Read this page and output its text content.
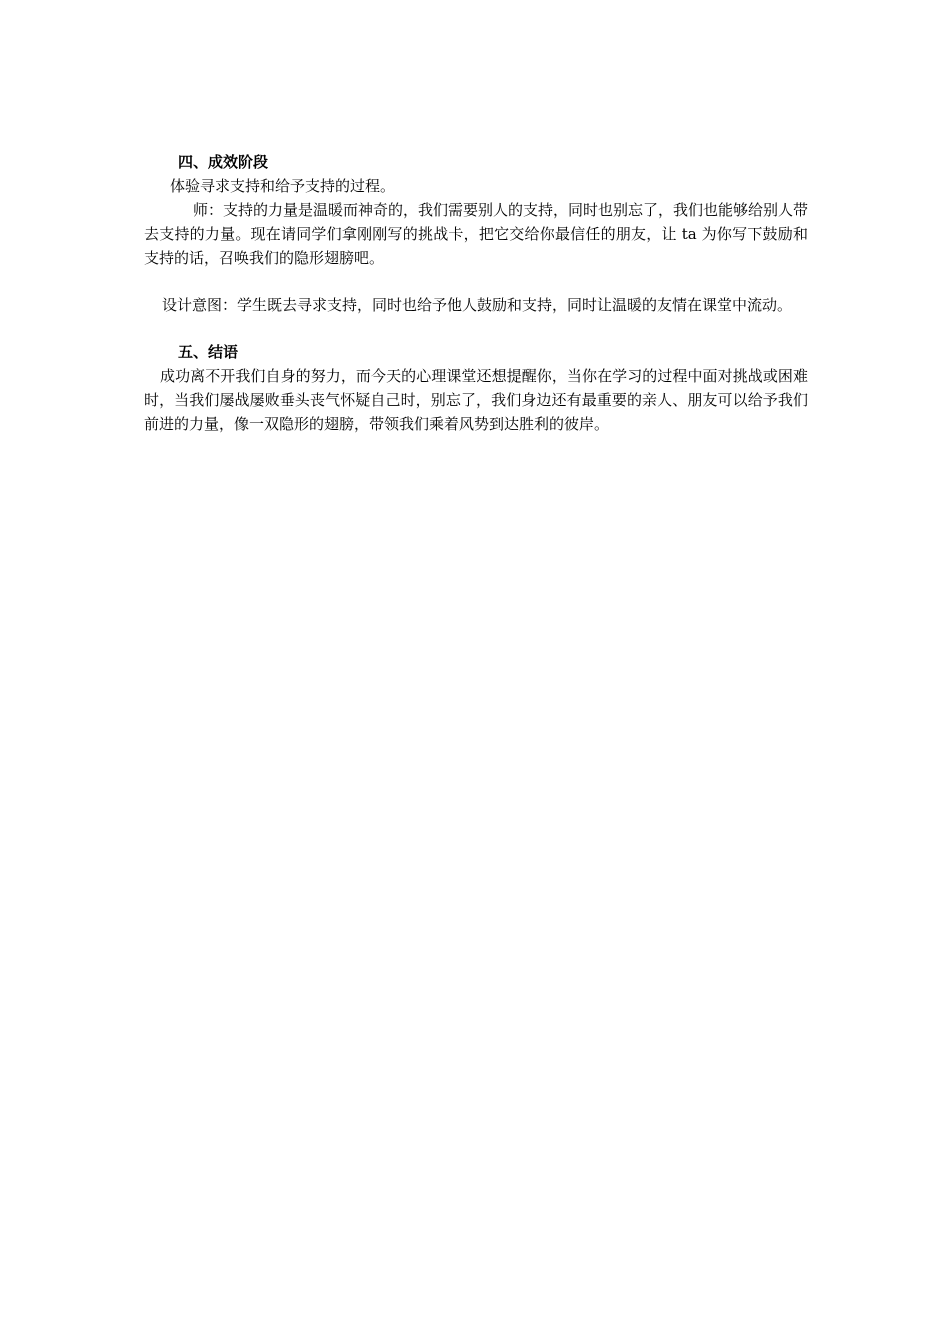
四、成效阶段

体验寻求支持和给予支持的过程。

师：支持的力量是温暖而神奇的，我们需要别人的支持，同时也别忘了，我们也能够给别人带去支持的力量。现在请同学们拿刚刚写的挑战卡，把它交给你最信任的朋友，让 ta 为你写下鼓励和支持的话，召唤我们的隐形翅膀吧。

设计意图：学生既去寻求支持，同时也给予他人鼓励和支持，同时让温暖的友情在课堂中流动。

五、结语

成功离不开我们自身的努力，而今天的心理课堂还想提醒你，当你在学习的过程中面对挑战或困难时，当我们屡战屡败垂头丧气怀疑自己时，别忘了，我们身边还有最重要的亲人、朋友可以给予我们前进的力量，像一双隐形的翅膀，带领我们乘着风势到达胜利的彼岸。
